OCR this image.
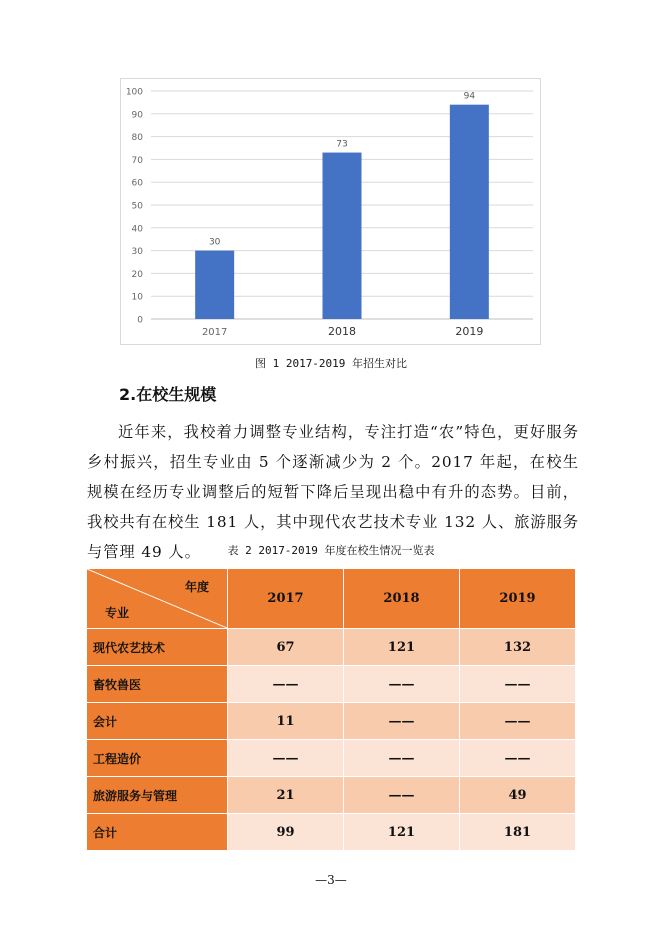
0
10
20
30
40
50
60
70
80
90
100
30
2017
73
2018
94
2019
图 1 2017-2019 年招生对比
2.在校生规模
近年来，我校着力调整专业结构，专注打造“农”特色，更好服务乡村振兴，招生专业由 5 个逐渐减少为 2 个。2017 年起，在校生规模在经历专业调整后的短暂下降后呈现出稳中有升的态势。目前，我校共有在校生 181 人，其中现代农艺技术专业 132 人、旅游服务与管理 49 人。	表 2 2017-2019 年度在校生情况一览表
年度
专业	2017	2018	2019
现代农艺技术	67	121	132
畜牧兽医	——	——	——
会计	11	——	——
工程造价	——	——	——
旅游服务与管理	21	——	49
合计	99	121	181
—3—
